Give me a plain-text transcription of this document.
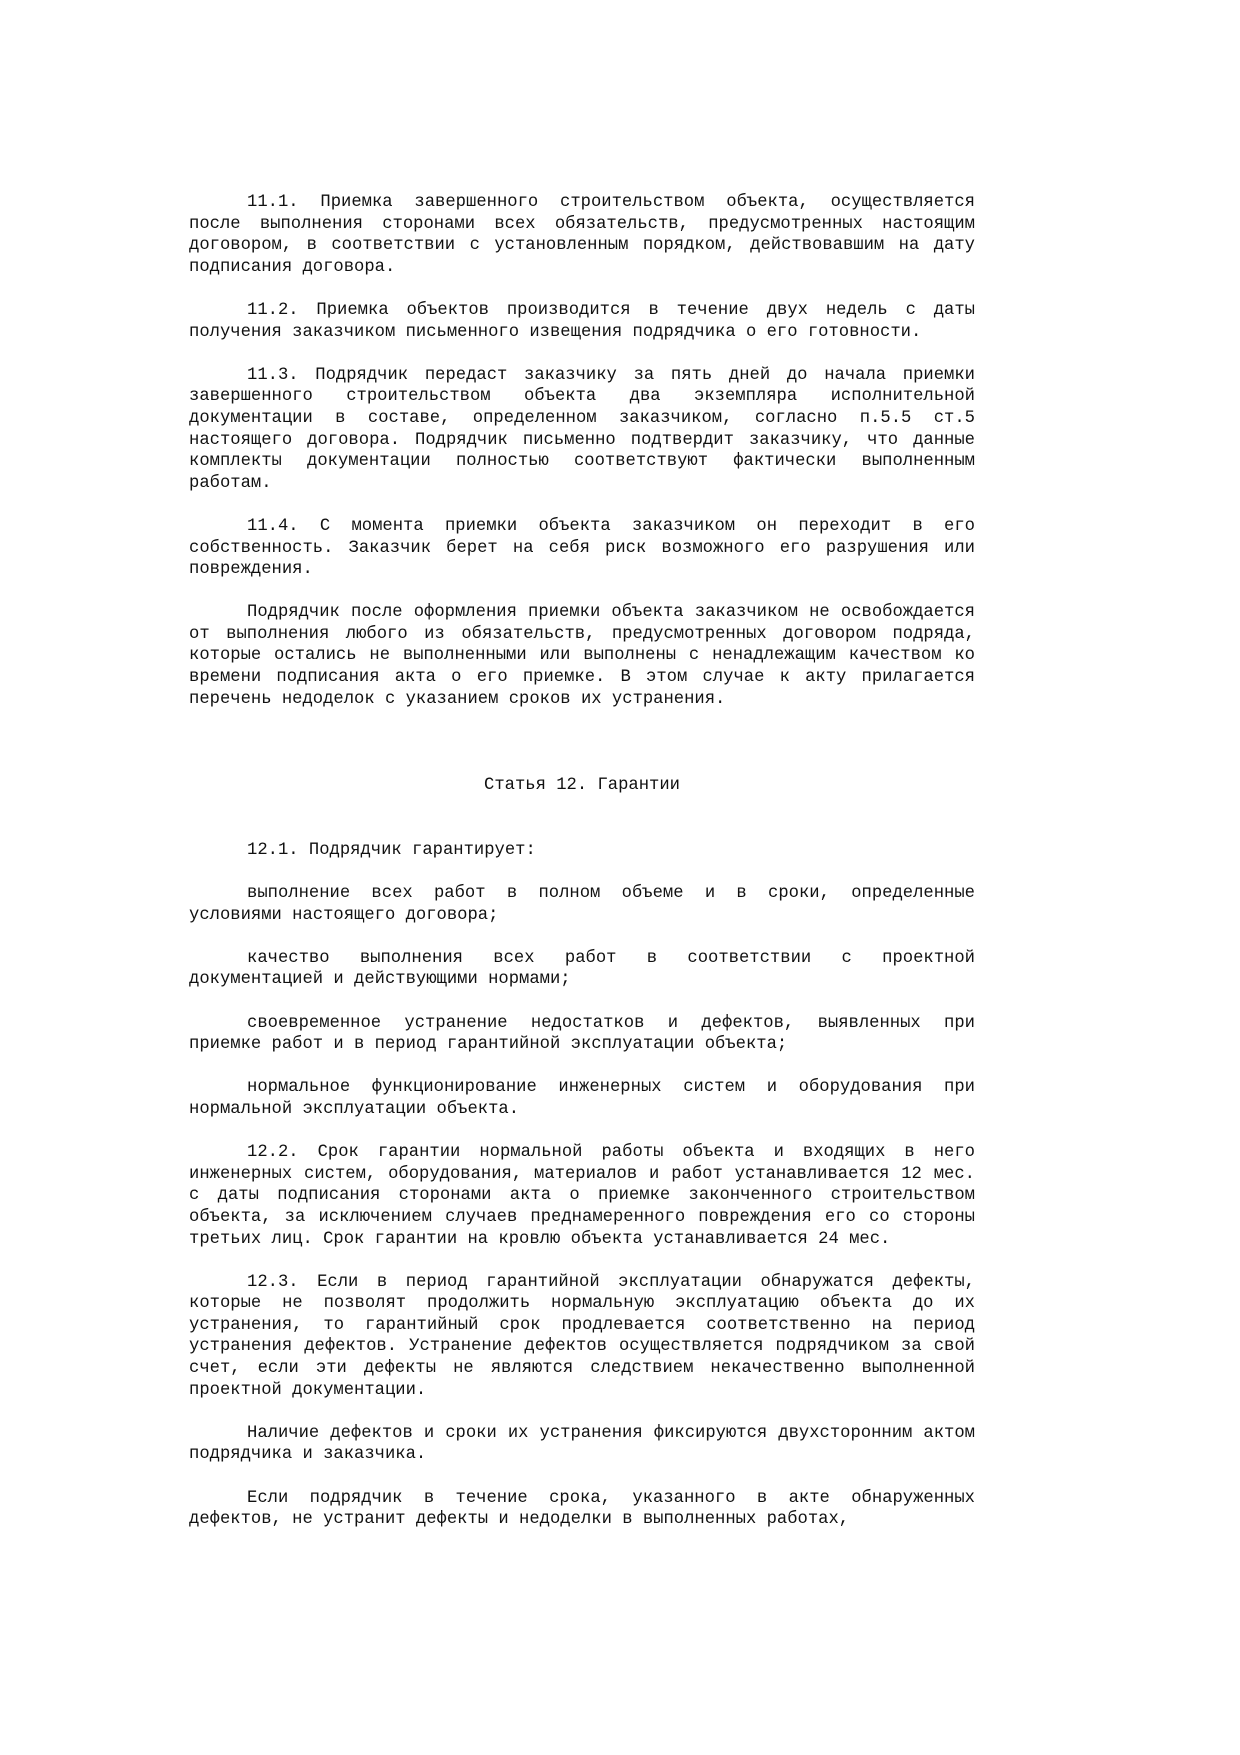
11.1. Приемка завершенного строительством объекта, осуществляется после выполнения сторонами всех обязательств, предусмотренных настоящим договором, в соответствии с установленным порядком, действовавшим на дату подписания договора.

11.2. Приемка объектов производится в течение двух недель с даты получения заказчиком письменного извещения подрядчика о его готовности.

11.3. Подрядчик передаст заказчику за пять дней до начала приемки завершенного строительством объекта два экземпляра исполнительной документации в составе, определенном заказчиком, согласно п.5.5 ст.5 настоящего договора. Подрядчик письменно подтвердит заказчику, что данные комплекты документации полностью соответствуют фактически выполненным работам.

11.4. С момента приемки объекта заказчиком он переходит в его собственность. Заказчик берет на себя риск возможного его разрушения или повреждения.

Подрядчик после оформления приемки объекта заказчиком не освобождается от выполнения любого из обязательств, предусмотренных договором подряда, которые остались не выполненными или выполнены с ненадлежащим качеством ко времени подписания акта о его приемке. В этом случае к акту прилагается перечень недоделок с указанием сроков их устранения.

Статья 12. Гарантии

12.1. Подрядчик гарантирует:

выполнение всех работ в полном объеме и в сроки, определенные условиями настоящего договора;

качество выполнения всех работ в соответствии с проектной документацией и действующими нормами;

своевременное устранение недостатков и дефектов, выявленных при приемке работ и в период гарантийной эксплуатации объекта;

нормальное функционирование инженерных систем и оборудования при нормальной эксплуатации объекта.

12.2. Срок гарантии нормальной работы объекта и входящих в него инженерных систем, оборудования, материалов и работ устанавливается 12 мес. с даты подписания сторонами акта о приемке законченного строительством объекта, за исключением случаев преднамеренного повреждения его со стороны третьих лиц. Срок гарантии на кровлю объекта устанавливается 24 мес.

12.3. Если в период гарантийной эксплуатации обнаружатся дефекты, которые не позволят продолжить нормальную эксплуатацию объекта до их устранения, то гарантийный срок продлевается соответственно на период устранения дефектов. Устранение дефектов осуществляется подрядчиком за свой счет, если эти дефекты не являются следствием некачественно выполненной проектной документации.

Наличие дефектов и сроки их устранения фиксируются двухсторонним актом подрядчика и заказчика.

Если подрядчик в течение срока, указанного в акте обнаруженных дефектов, не устранит дефекты и недоделки в выполненных работах,
